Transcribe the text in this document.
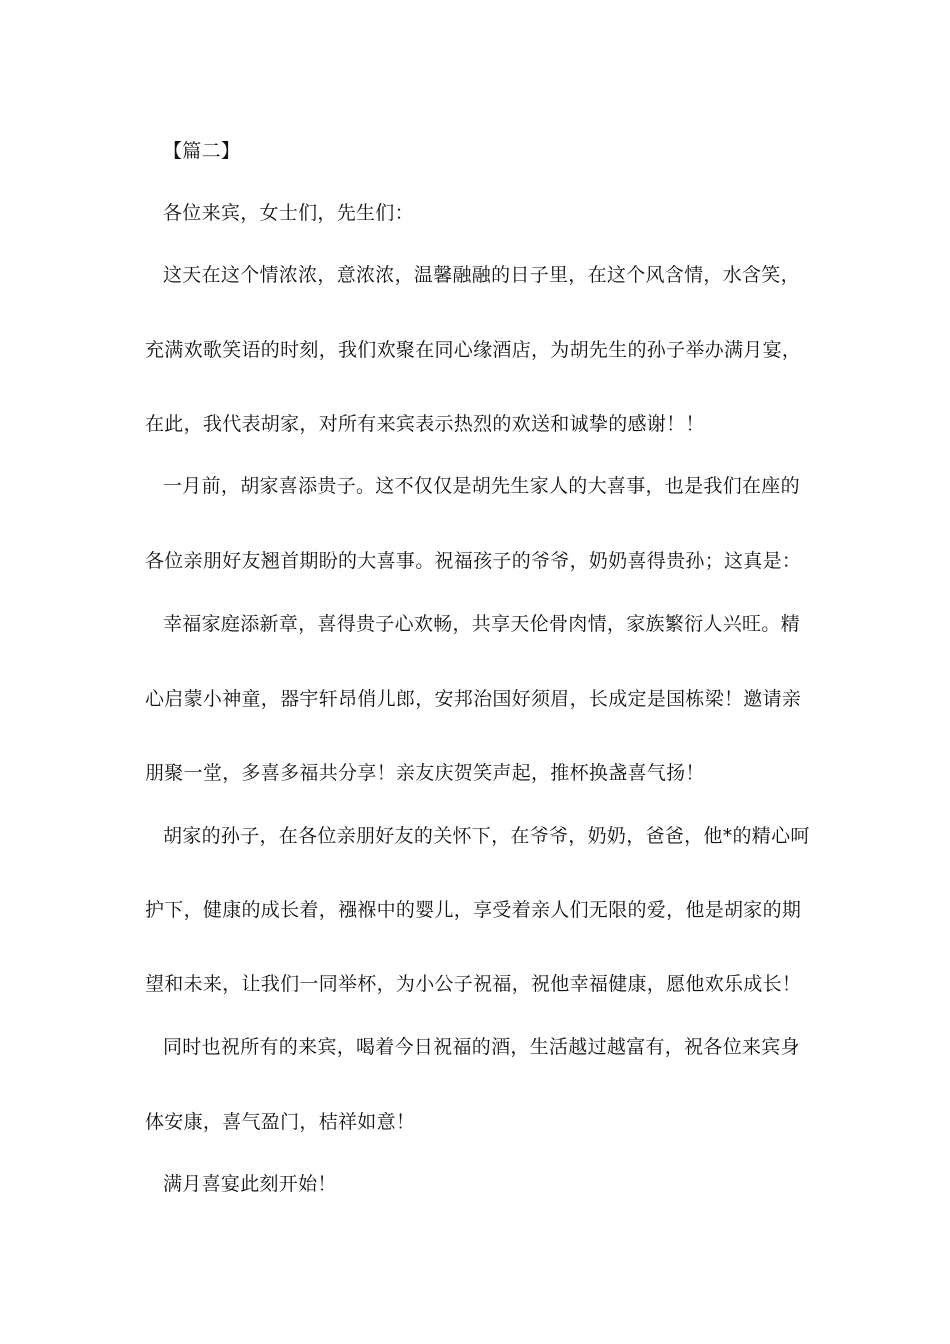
【篇二】
各位来宾，女士们，先生们：
这天在这个情浓浓，意浓浓，温馨融融的日子里，在这个风含情，水含笑，
充满欢歌笑语的时刻，我们欢聚在同心缘酒店，为胡先生的孙子举办满月宴，
在此，我代表胡家，对所有来宾表示热烈的欢送和诚挚的感谢！！
一月前，胡家喜添贵子。这不仅仅是胡先生家人的大喜事，也是我们在座的
各位亲朋好友翘首期盼的大喜事。祝福孩子的爷爷，奶奶喜得贵孙；这真是：
幸福家庭添新章，喜得贵子心欢畅，共享天伦骨肉情，家族繁衍人兴旺。精
心启蒙小神童，器宇轩昂俏儿郎，安邦治国好须眉，长成定是国栋梁！邀请亲
朋聚一堂，多喜多福共分享！亲友庆贺笑声起，推杯换盏喜气扬！
胡家的孙子，在各位亲朋好友的关怀下，在爷爷，奶奶，爸爸，他*的精心呵
护下，健康的成长着，襁褓中的婴儿，享受着亲人们无限的爱，他是胡家的期
望和未来，让我们一同举杯，为小公子祝福，祝他幸福健康，愿他欢乐成长！
同时也祝所有的来宾，喝着今日祝福的酒，生活越过越富有，祝各位来宾身
体安康，喜气盈门，桔祥如意！
满月喜宴此刻开始！
